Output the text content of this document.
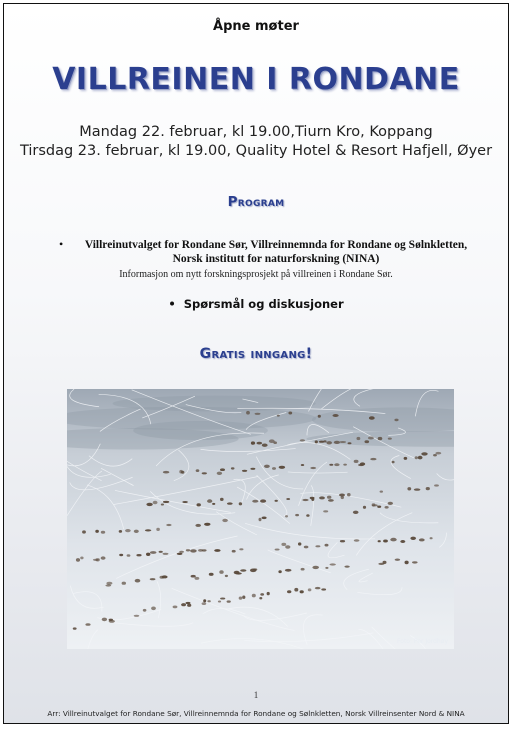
Åpne møter
VILLREINEN I RONDANE
Mandag 22. februar, kl 19.00,Tiurn Kro, Koppang
Tirsdag 23. februar, kl 19.00, Quality Hotel & Resort Hafjell, Øyer
Program
•	Villreinutvalget for Rondane Sør, Villreinnemnda for Rondane og Sølnkletten, Norsk institutt for naturforskning (NINA)
Informasjon om nytt forskningsprosjekt på villreinen i Rondane Sør.
•  Spørsmål og diskusjoner
Gratis inngang!
Foto: Per Jordhøy
1
Arr: Villreinutvalget for Rondane Sør, Villreinnemnda for Rondane og Sølnkletten, Norsk Villreinsenter Nord & NINA
